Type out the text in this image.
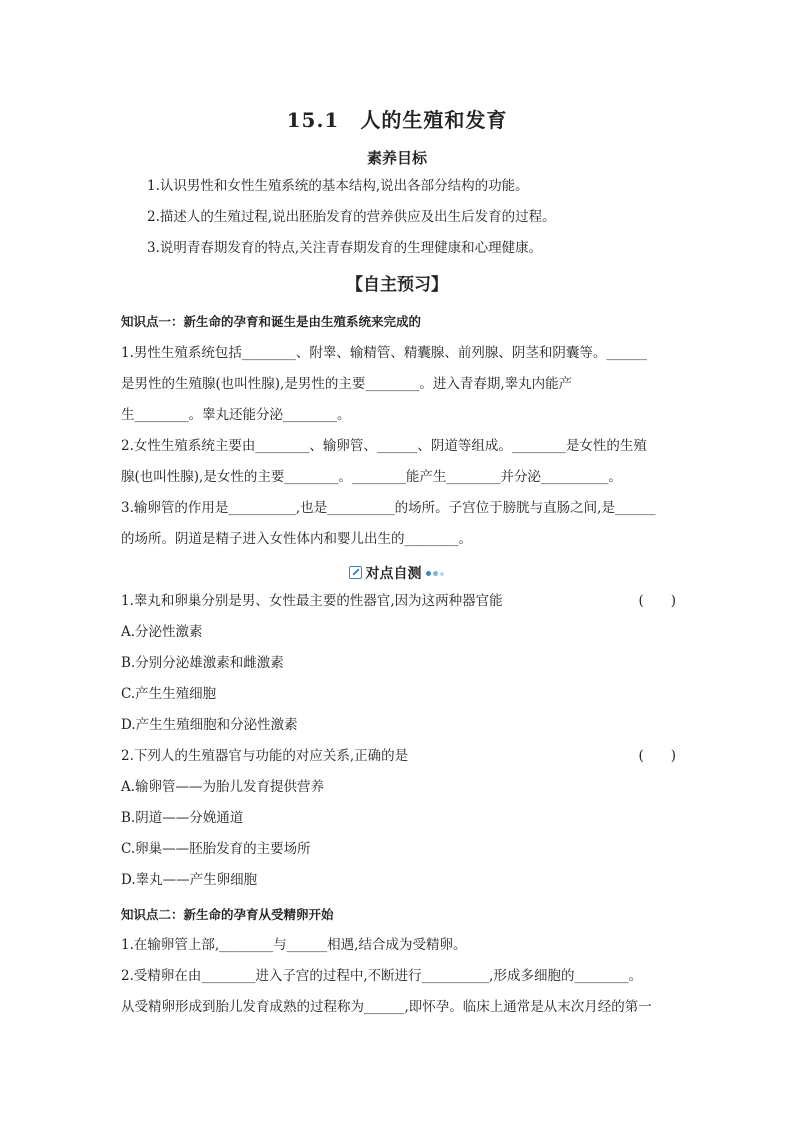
15.1　人的生殖和发育
素养目标
1.认识男性和女性生殖系统的基本结构,说出各部分结构的功能。
2.描述人的生殖过程,说出胚胎发育的营养供应及出生后发育的过程。
3.说明青春期发育的特点,关注青春期发育的生理健康和心理健康。
【自主预习】
知识点一：新生命的孕育和诞生是由生殖系统来完成的

1.男性生殖系统包括________、附睾、输精管、精囊腺、前列腺、阴茎和阴囊等。______

是男性的生殖腺(也叫性腺),是男性的主要________。进入青春期,睾丸内能产

生________。睾丸还能分泌________。

2.女性生殖系统主要由________、输卵管、______、阴道等组成。________是女性的生殖

腺(也叫性腺),是女性的主要________。________能产生________并分泌__________。

3.输卵管的作用是__________,也是__________的场所。子宫位于膀胱与直肠之间,是______

的场所。阴道是精子进入女性体内和婴儿出生的________。

对点自测
1.睾丸和卵巢分别是男、女性最主要的性器官,因为这两种器官能	(　　)
A.分泌性激素
B.分别分泌雄激素和雌激素
C.产生生殖细胞
D.产生生殖细胞和分泌性激素
2.下列人的生殖器官与功能的对应关系,正确的是	(　　)
A.输卵管——为胎儿发育提供营养
B.阴道——分娩通道
C.卵巢——胚胎发育的主要场所
D.睾丸——产生卵细胞
知识点二：新生命的孕育从受精卵开始

1.在输卵管上部,________与______相遇,结合成为受精卵。

2.受精卵在由________进入子宫的过程中,不断进行__________,形成多细胞的________。

从受精卵形成到胎儿发育成熟的过程称为______,即怀孕。临床上通常是从末次月经的第一
